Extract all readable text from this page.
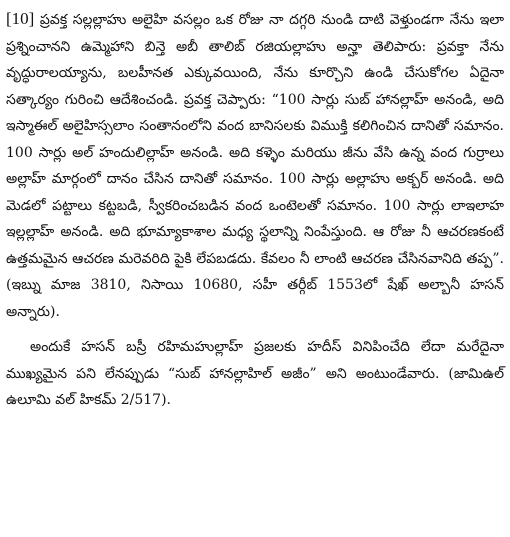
[10] ప్రవక్త సల్లల్లాహు అలైహి వసల్లం ఒక రోజు నా దగ్గరి నుండి దాటి వెళ్తుండగా నేను ఇలా ప్రశ్నించానని ఉమ్మెహాని బిన్తె అబీ తాలిబ్ రజియల్లాహు అన్హా తెలిపారు: ప్రవక్తా నేను వృద్ధురాలయ్యాను, బలహీనత ఎక్కువయింది, నేను కూర్చొని ఉండి చేసుకోగల ఏదైనా సత్కార్యం గురించి ఆదేశించండి. ప్రవక్త చెప్పారు: “100 సార్లు సుబ్ హానల్లాహ్ అనండి, అది ఇస్మాఈల్ అలైహిస్సలాం సంతానంలోని వంద బానిసలకు విముక్తి కలిగించిన దానితో సమానం. 100 సార్లు అల్ హందులిల్లాహ్ అనండి. అది కళ్ళెం మరియు జీను వేసి ఉన్న వంద గుర్రాలు అల్లాహ్ మార్గంలో దానం చేసిన దానితో సమానం. 100 సార్లు అల్లాహు అక్బర్ అనండి. అది మెడలో పట్టాలు కట్టబడి, స్వీకరించబడిన వంద ఒంటెలతో సమానం. 100 సార్లు లాఇలాహ ఇల్లల్లాహ్ అనండి. అది భూమ్యాకాశాల మధ్య స్థలాన్ని నింపేస్తుంది. ఆ రోజు నీ ఆచరణకంటే ఉత్తమమైన ఆచరణ మరెవరిది పైకి లేపబడదు. కేవలం నీ లాంటి ఆచరణ చేసినవానిది తప్ప”. (ఇబ్ను మాజ 3810, నిసాయి 10680, సహీ తర్గీబ్ 1553లో షేఖ్ అల్బానీ హసన్ అన్నారు).

అందుకే హసన్ బస్రీ రహిమహుల్లాహ్ ప్రజలకు హదీస్ వినిపించేది లేదా మరేదైనా ముఖ్యమైన పని లేనప్పుడు “సుబ్ హానల్లాహిల్ అజీం” అని అంటుండేవారు. (జామిఉల్ ఉలూమి వల్ హికమ్ 2/517).
